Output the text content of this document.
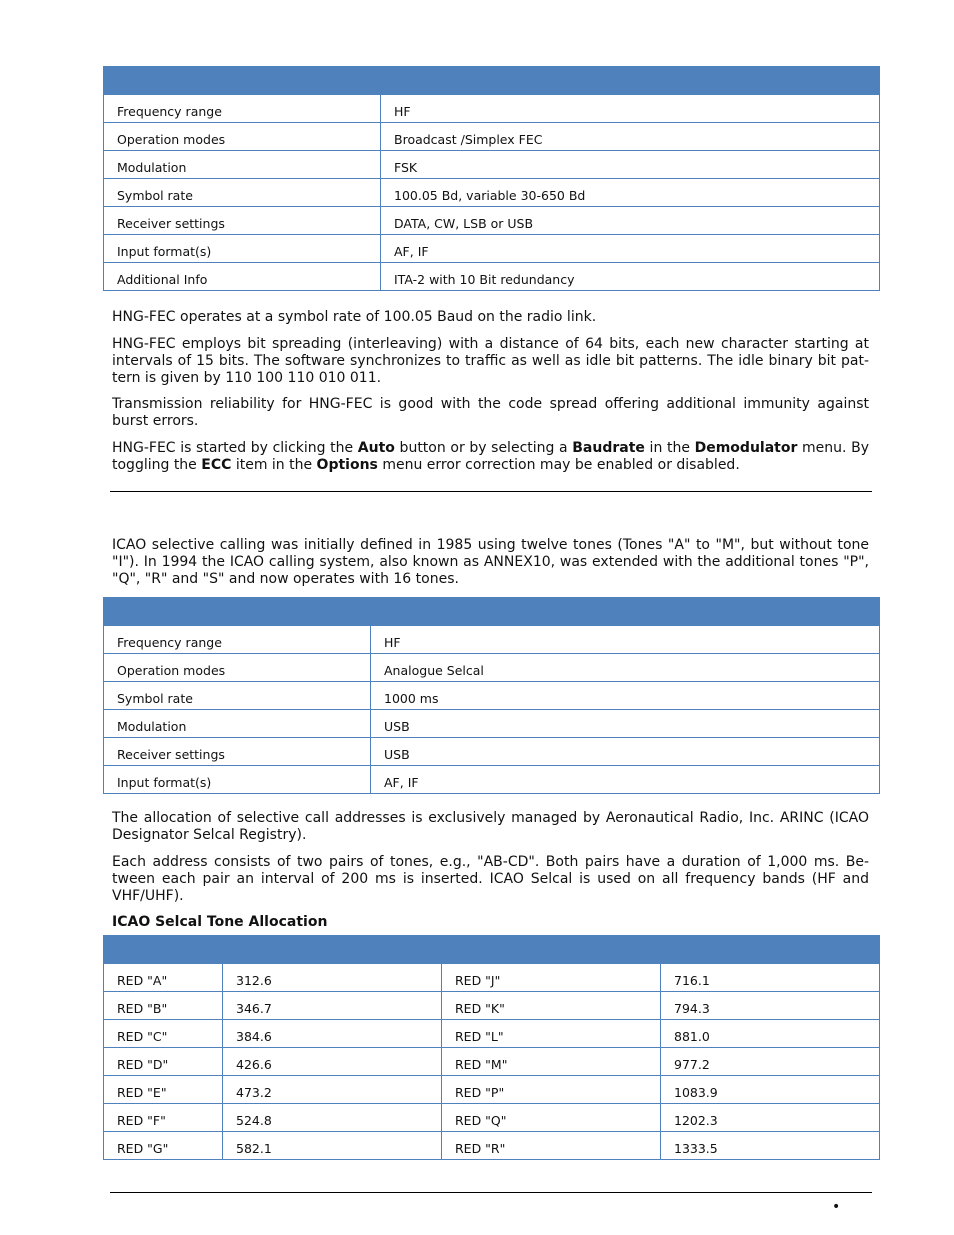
Frequency range	HF
Operation modes	Broadcast /Simplex FEC
Modulation	FSK
Symbol rate	100.05 Bd, variable 30-650 Bd
Receiver settings	DATA, CW, LSB or USB
Input format(s)	AF, IF
Additional Info	ITA-2 with 10 Bit redundancy

HNG-FEC operates at a symbol rate of 100.05 Baud on the radio link.

HNG-FEC employs bit spreading (interleaving) with a distance of 64 bits, each new character starting at intervals of 15 bits. The software synchronizes to traffic as well as idle bit patterns. The idle binary bit pat-tern is given by 110 100 110 010 011.

Transmission reliability for HNG-FEC is good with the code spread offering additional immunity against burst errors.

HNG-FEC is started by clicking the Auto button or by selecting a Baudrate in the Demodulator menu. By toggling the ECC item in the Options menu error correction may be enabled or disabled.

ICAO selective calling was initially defined in 1985 using twelve tones (Tones "A" to "M", but without tone "I"). In 1994 the ICAO calling system, also known as ANNEX10, was extended with the additional tones "P", "Q", "R" and "S" and now operates with 16 tones.

Frequency range	HF
Operation modes	Analogue Selcal
Symbol rate	1000 ms
Modulation	USB
Receiver settings	USB
Input format(s)	AF, IF

The allocation of selective call addresses is exclusively managed by Aeronautical Radio, Inc. ARINC (ICAO Designator Selcal Registry).

Each address consists of two pairs of tones, e.g., "AB-CD". Both pairs have a duration of 1,000 ms. Be-tween each pair an interval of 200 ms is inserted. ICAO Selcal is used on all frequency bands (HF and VHF/UHF).

ICAO Selcal Tone Allocation

RED "A"	312.6	RED "J"	716.1
RED "B"	346.7	RED "K"	794.3
RED "C"	384.6	RED "L"	881.0
RED "D"	426.6	RED "M"	977.2
RED "E"	473.2	RED "P"	1083.9
RED "F"	524.8	RED "Q"	1202.3
RED "G"	582.1	RED "R"	1333.5
•
